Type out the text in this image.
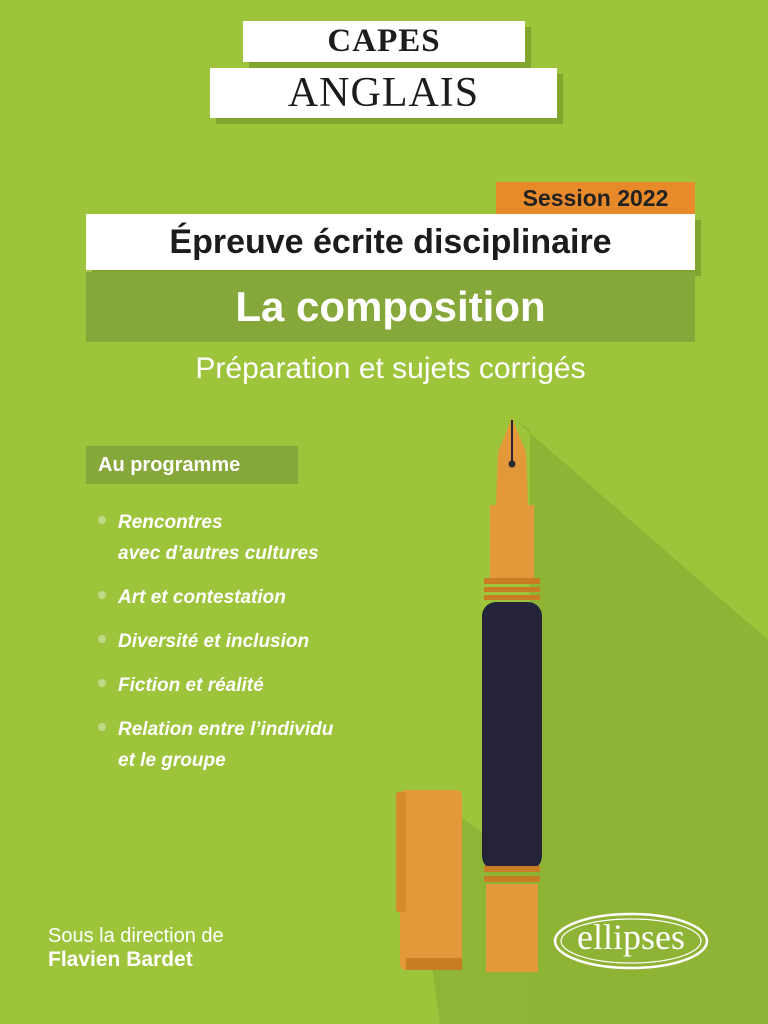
CAPES
ANGLAIS
Session 2022
Épreuve écrite disciplinaire
La composition
Préparation et sujets corrigés
Au programme
Rencontres
avec d’autres cultures
Art et contestation
Diversité et inclusion
Fiction et réalité
Relation entre l’individu
et le groupe
Sous la direction de
Flavien Bardet
ellipses
